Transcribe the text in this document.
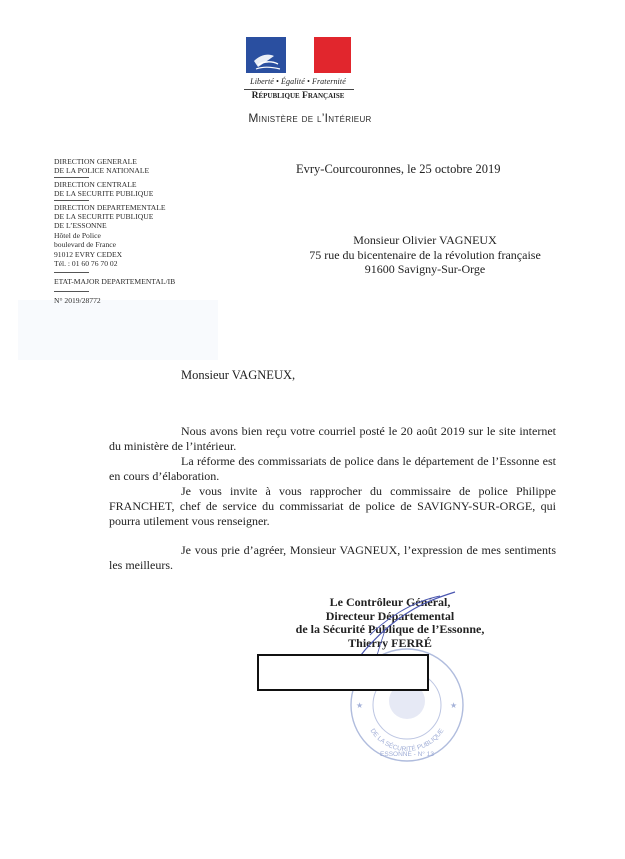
Liberté • Égalité • Fraternité
République Française
Ministère de l’Intérieur
DIRECTION GENERALE
DE LA POLICE NATIONALE
DIRECTION CENTRALE
DE LA SECURITE PUBLIQUE
DIRECTION DEPARTEMENTALE
DE LA SECURITE PUBLIQUE
DE L’ESSONNE
Hôtel de Police
boulevard de France
91012 EVRY CEDEX
Tél. : 01 60 76 70 02
ETAT-MAJOR DEPARTEMENTAL/IB
N° 2019/28772
Evry-Courcouronnes, le 25 octobre 2019
Monsieur Olivier VAGNEUX
75 rue du bicentenaire de la révolution française
91600 Savigny-Sur-Orge
Monsieur VAGNEUX,

Nous avons bien reçu votre courriel posté le 20 août 2019 sur le site internet du ministère de l’intérieur.

La réforme des commissariats de police dans le département de l’Essonne est en cours d’élaboration.

Je vous invite à vous rapprocher du commissaire de police Philippe FRANCHET, chef de service du commissariat de police de SAVIGNY-SUR-ORGE, qui pourra utilement vous renseigner.

Je vous prie d’agréer, Monsieur VAGNEUX, l’expression de mes sentiments les meilleurs.

DE LA SÉCURITÉ PUBLIQUE
ESSONNE - N° 13
★	★
Le Contrôleur Général,
Directeur Départemental
de la Sécurité Publique de l’Essonne,
Thierry FERRÉ
